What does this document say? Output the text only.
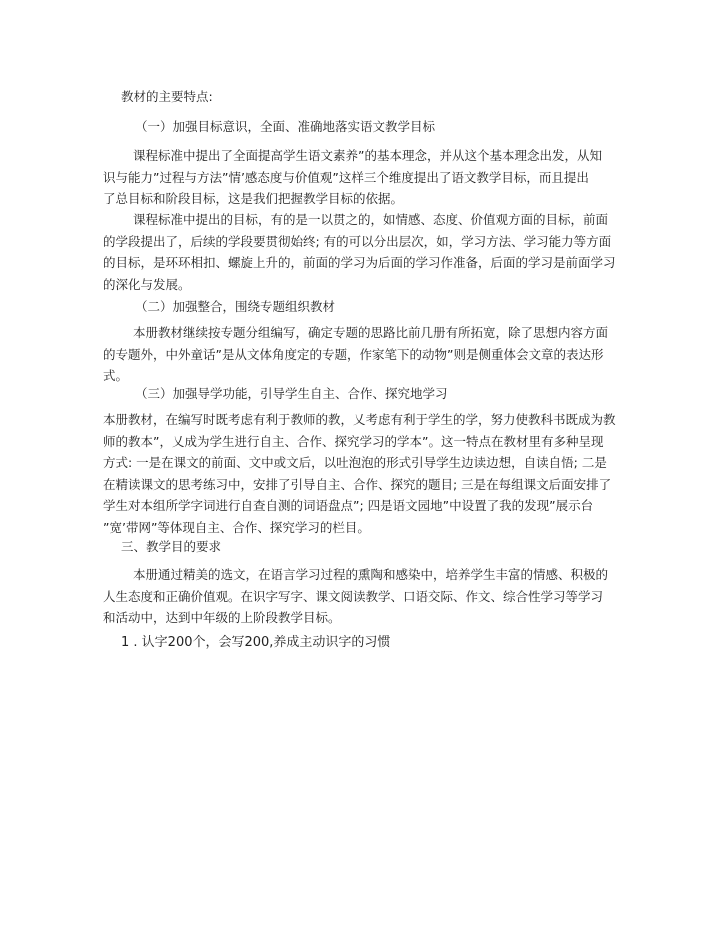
教材的主要特点:

（一）加强目标意识，全面、准确地落实语文教学目标

课程标准中提出了全面提高学生语文素养”的基本理念，并从这个基本理念出发，从知
识与能力”过程与方法”情’感态度与价值观”这样三个维度提出了语文教学目标，而且提出
了总目标和阶段目标，这是我们把握教学目标的依据。
课程标准中提出的目标，有的是一以贯之的，如情感、态度、价值观方面的目标，前面
的学段提出了，后续的学段要贯彻始终; 有的可以分出层次，如，学习方法、学习能力等方面
的目标，是环环相扣、螺旋上升的，前面的学习为后面的学习作准备，后面的学习是前面学习
的深化与发展。

（二）加强整合，围绕专题组织教材

本册教材继续按专题分组编写，确定专题的思路比前几册有所拓宽，除了思想内容方面
的专题外，中外童话”是从文体角度定的专题，作家笔下的动物”则是侧重体会文章的表达形
式。

（三）加强导学功能，引导学生自主、合作、探究地学习

本册教材，在编写时既考虑有利于教师的教，乂考虑有利于学生的学，努力使教科书既成为教
师的教本”，乂成为学生进行自主、合作、探究学习的学本”。这一特点在教材里有多种呈现
方式: 一是在课文的前面、文中或文后，以吐泡泡的形式引导学生边读边想，自读自悟; 二是
在精读课文的思考练习中，安排了引导自主、合作、探究的题目; 三是在每组课文后面安排了
学生对本组所学字词进行自查自测的词语盘点”; 四是语文园地”中设置了我的发现”展示台
”宽’带网”等体现自主、合作、探究学习的栏目。

三、教学目的要求

本册通过精美的选文，在语言学习过程的熏陶和感染中，培养学生丰富的情感、积极的
人生态度和正确价值观。在识字写字、课文阅读教学、口语交际、作文、综合性学习等学习
和活动中，达到中年级的上阶段教学目标。

1 . 认字200个，会写200,养成主动识字的习惯
